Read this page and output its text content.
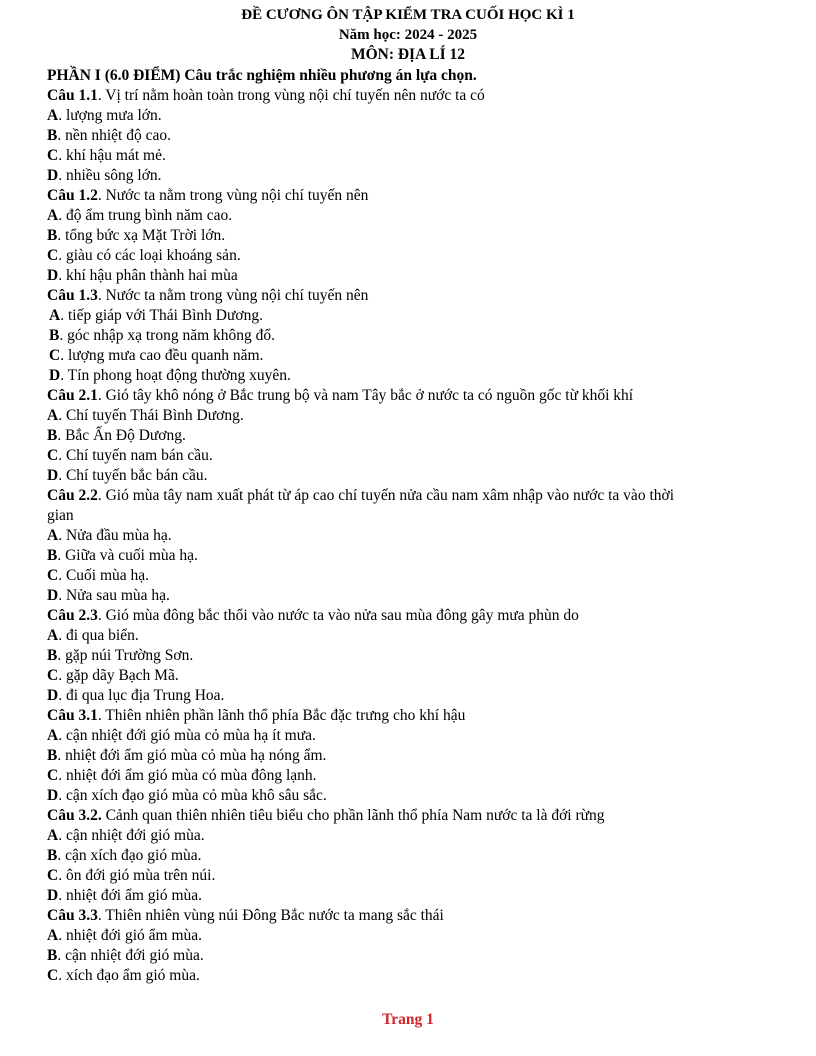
ĐỀ CƯƠNG ÔN TẬP KIỂM TRA CUỐI HỌC KÌ 1

Năm học: 2024 - 2025

MÔN: ĐỊA LÍ 12

PHẦN I (6.0 ĐIỂM) Câu trắc nghiệm nhiều phương án lựa chọn.

Câu 1.1. Vị trí nằm hoàn toàn trong vùng nội chí tuyến nên nước ta có

A. lượng mưa lớn.

B. nền nhiệt độ cao.

C. khí hậu mát mẻ.

D. nhiều sông lớn.

Câu 1.2. Nước ta nằm trong vùng nội chí tuyến nên

A. độ ẩm trung bình năm cao.

B. tổng bức xạ Mặt Trời lớn.

C. giàu có các loại khoáng sản.

D. khí hậu phân thành hai mùa

Câu 1.3. Nước ta nằm trong vùng nội chí tuyến nên

A. tiếp giáp với Thái Bình Dương.

B. góc nhập xạ trong năm không đổ.

C. lượng mưa cao đều quanh năm.

D. Tín phong hoạt động thường xuyên.

Câu 2.1. Gió tây khô nóng ở Bắc trung bộ và nam Tây bắc ở nước ta có nguồn gốc từ khối khí

A. Chí tuyến Thái Bình Dương.

B. Bắc Ấn Độ Dương.

C. Chí tuyến nam bán cầu.

D. Chí tuyến bắc bán cầu.

Câu 2.2. Gió mùa tây nam xuất phát từ áp cao chí tuyến nửa cầu nam xâm nhập vào nước ta vào thời

gian

A. Nửa đầu mùa hạ.

B. Giữa và cuối mùa hạ.

C. Cuối mùa hạ.

D. Nửa sau mùa hạ.

Câu 2.3. Gió mùa đông bắc thổi vào nước ta vào nửa sau mùa đông gây mưa phùn do

A. đi qua biển.

B. gặp núi Trường Sơn.

C. gặp dãy Bạch Mã.

D. đi qua lục địa Trung Hoa.

Câu 3.1. Thiên nhiên phần lãnh thổ phía Bắc đặc trưng cho khí hậu

A. cận nhiệt đới gió mùa cỏ mùa hạ ít mưa.

B. nhiệt đới ẩm gió mùa cỏ mùa hạ nóng ẩm.

C. nhiệt đới ẩm gió mùa có mùa đông lạnh.

D. cận xích đạo gió mùa cỏ mùa khô sâu sắc.

Câu 3.2. Cảnh quan thiên nhiên tiêu biểu cho phần lãnh thổ phía Nam nước ta là đới rừng

A. cận nhiệt đới gió mùa.

B. cận xích đạo gió mùa.

C. ôn đới gió mùa trên núi.

D. nhiệt đới ẩm gió mùa.

Câu 3.3. Thiên nhiên vùng núi Đông Bắc nước ta mang sắc thái

A. nhiệt đới gió ẩm mùa.

B. cận nhiệt đới gió mùa.

C. xích đạo ẩm gió mùa.

Trang 1
